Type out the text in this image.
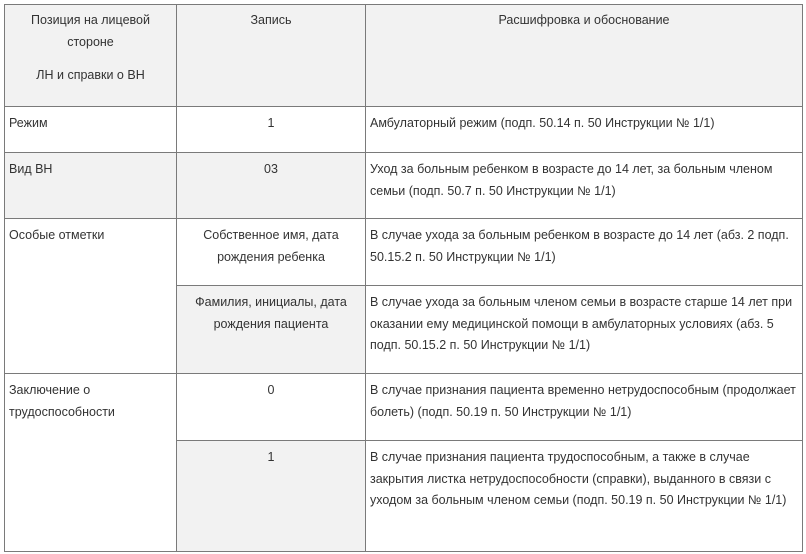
Позиция на лицевой
стороне
ЛН и справки о ВН	Запись	Расшифровка и обоснование
Режим	1	Амбулаторный режим (подп. 50.14 п. 50 Инструкции № 1/1)
Вид ВН	03	Уход за больным ребенком в возрасте до 14 лет, за больным членом семьи (подп. 50.7 п. 50 Инструкции № 1/1)
Особые отметки	Собственное имя, дата рождения ребенка	В случае ухода за больным ребенком в возрасте до 14 лет (абз. 2 подп. 50.15.2 п. 50 Инструкции № 1/1)
	Фамилия, инициалы, дата рождения пациента	В случае ухода за больным членом семьи в возрасте старше 14 лет при оказании ему медицинской помощи в амбулаторных условиях (абз. 5 подп. 50.15.2 п. 50 Инструкции № 1/1)
Заключение о трудоспособности	0	В случае признания пациента временно нетрудоспособным (продолжает болеть) (подп. 50.19 п. 50 Инструкции № 1/1)
	1	В случае признания пациента трудоспособным, а также в случае закрытия листка нетрудоспособности (справки), выданного в связи с уходом за больным членом семьи (подп. 50.19 п. 50 Инструкции № 1/1)
